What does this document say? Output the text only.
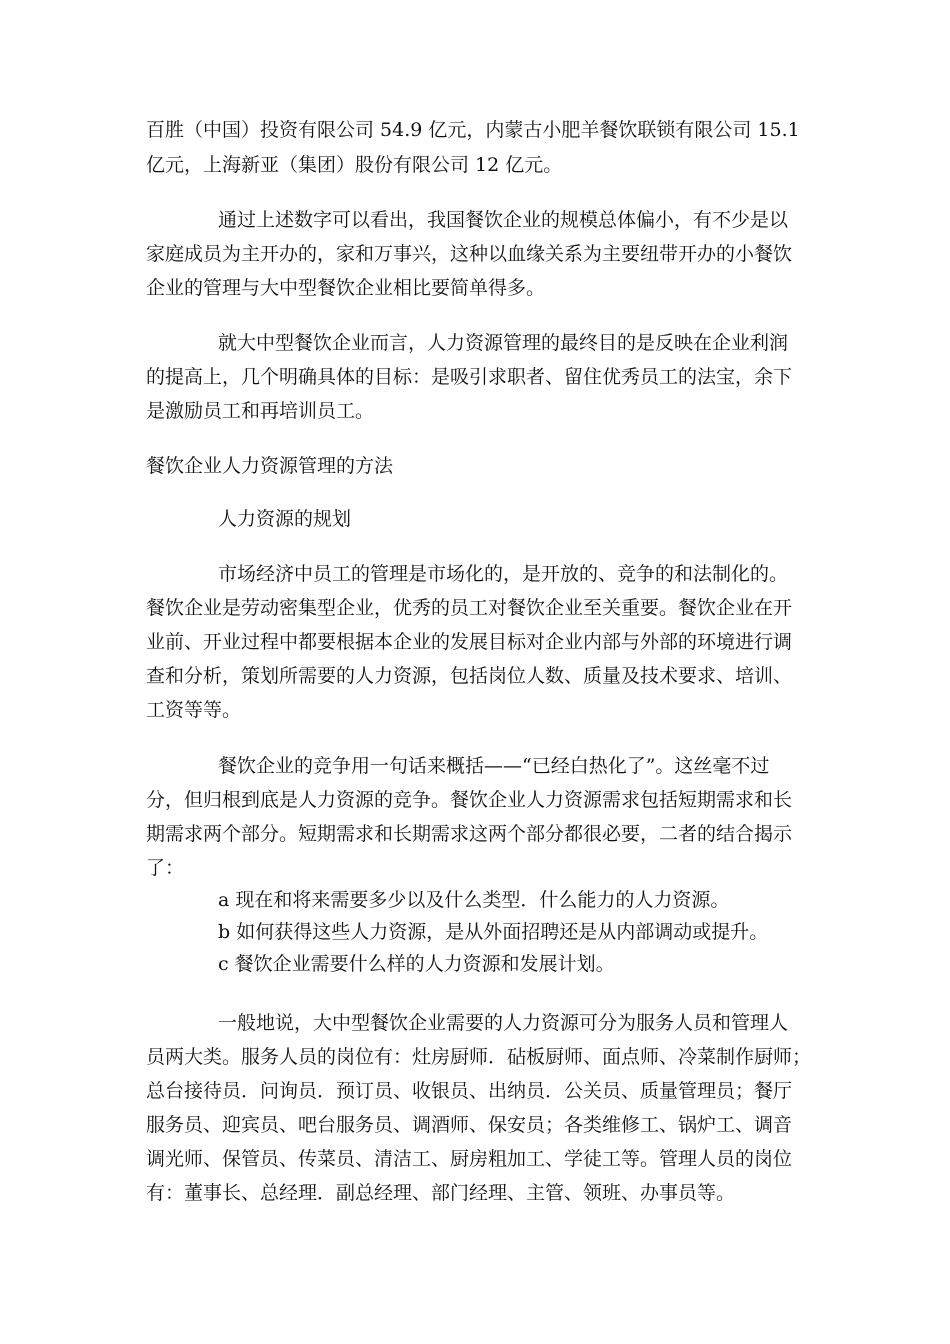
百胜（中国）投资有限公司 54.9 亿元，内蒙古小肥羊餐饮联锁有限公司 15.1
亿元，上海新亚（集团）股份有限公司 12 亿元。
通过上述数字可以看出，我国餐饮企业的规模总体偏小，有不少是以
家庭成员为主开办的，家和万事兴，这种以血缘关系为主要纽带开办的小餐饮
企业的管理与大中型餐饮企业相比要简单得多。
就大中型餐饮企业而言，人力资源管理的最终目的是反映在企业利润
的提高上，几个明确具体的目标：是吸引求职者、留住优秀员工的法宝，余下
是激励员工和再培训员工。
餐饮企业人力资源管理的方法
人力资源的规划
市场经济中员工的管理是市场化的，是开放的、竞争的和法制化的。
餐饮企业是劳动密集型企业，优秀的员工对餐饮企业至关重要。餐饮企业在开
业前、开业过程中都要根据本企业的发展目标对企业内部与外部的环境进行调
查和分析，策划所需要的人力资源，包括岗位人数、质量及技术要求、培训、
工资等等。
餐饮企业的竞争用一句话来概括——“已经白热化了”。这丝毫不过
分，但归根到底是人力资源的竞争。餐饮企业人力资源需求包括短期需求和长
期需求两个部分。短期需求和长期需求这两个部分都很必要，二者的结合揭示
了：
a 现在和将来需要多少以及什么类型．什么能力的人力资源。
b 如何获得这些人力资源，是从外面招聘还是从内部调动或提升。
c 餐饮企业需要什么样的人力资源和发展计划。
一般地说，大中型餐饮企业需要的人力资源可分为服务人员和管理人
员两大类。服务人员的岗位有：灶房厨师．砧板厨师、面点师、冷菜制作厨师；
总台接待员．问询员．预订员、收银员、出纳员．公关员、质量管理员；餐厅
服务员、迎宾员、吧台服务员、调酒师、保安员；各类维修工、锅炉工、调音
调光师、保管员、传菜员、清洁工、厨房粗加工、学徒工等。管理人员的岗位
有：董事长、总经理．副总经理、部门经理、主管、领班、办事员等。
